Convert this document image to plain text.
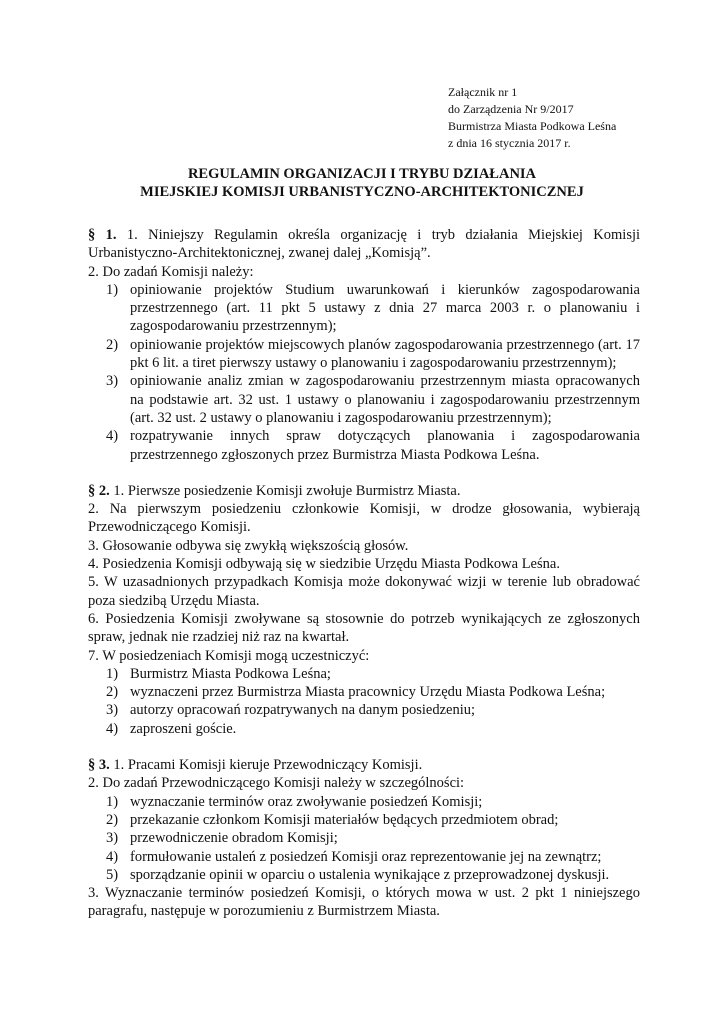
Załącznik nr 1
do Zarządzenia Nr 9/2017
Burmistrza Miasta Podkowa Leśna
z dnia 16 stycznia 2017 r.
REGULAMIN ORGANIZACJI I TRYBU DZIAŁANIA
MIEJSKIEJ KOMISJI URBANISTYCZNO-ARCHITEKTONICZNEJ

§ 1. 1. Niniejszy Regulamin określa organizację i tryb działania Miejskiej Komisji Urbanistyczno-Architektonicznej, zwanej dalej „Komisją”.

2. Do zadań Komisji należy:

1) opiniowanie projektów Studium uwarunkowań i kierunków zagospodarowania przestrzennego (art. 11 pkt 5 ustawy z dnia 27 marca 2003 r. o planowaniu i zagospodarowaniu przestrzennym);
2) opiniowanie projektów miejscowych planów zagospodarowania przestrzennego (art. 17 pkt 6 lit. a tiret pierwszy ustawy o planowaniu i zagospodarowaniu przestrzennym);
3) opiniowanie analiz zmian w zagospodarowaniu przestrzennym miasta opracowanych na podstawie art. 32 ust. 1 ustawy o planowaniu i zagospodarowaniu przestrzennym (art. 32 ust. 2 ustawy o planowaniu i zagospodarowaniu przestrzennym);
4) rozpatrywanie innych spraw dotyczących planowania i zagospodarowania przestrzennego zgłoszonych przez Burmistrza Miasta Podkowa Leśna.

§ 2. 1. Pierwsze posiedzenie Komisji zwołuje Burmistrz Miasta.

2. Na pierwszym posiedzeniu członkowie Komisji, w drodze głosowania, wybierają Przewodniczącego Komisji.

3. Głosowanie odbywa się zwykłą większością głosów.

4. Posiedzenia Komisji odbywają się w siedzibie Urzędu Miasta Podkowa Leśna.

5. W uzasadnionych przypadkach Komisja może dokonywać wizji w terenie lub obradować poza siedzibą Urzędu Miasta.

6. Posiedzenia Komisji zwoływane są stosownie do potrzeb wynikających ze zgłoszonych spraw, jednak nie rzadziej niż raz na kwartał.

7. W posiedzeniach Komisji mogą uczestniczyć:

1) Burmistrz Miasta Podkowa Leśna;
2) wyznaczeni przez Burmistrza Miasta pracownicy Urzędu Miasta Podkowa Leśna;
3) autorzy opracowań rozpatrywanych na danym posiedzeniu;
4) zaproszeni goście.

§ 3. 1. Pracami Komisji kieruje Przewodniczący Komisji.

2. Do zadań Przewodniczącego Komisji należy w szczególności:

1) wyznaczanie terminów oraz zwoływanie posiedzeń Komisji;
2) przekazanie członkom Komisji materiałów będących przedmiotem obrad;
3) przewodniczenie obradom Komisji;
4) formułowanie ustaleń z posiedzeń Komisji oraz reprezentowanie jej na zewnątrz;
5) sporządzanie opinii w oparciu o ustalenia wynikające z przeprowadzonej dyskusji.

3. Wyznaczanie terminów posiedzeń Komisji, o których mowa w ust. 2 pkt 1 niniejszego paragrafu, następuje w porozumieniu z Burmistrzem Miasta.
